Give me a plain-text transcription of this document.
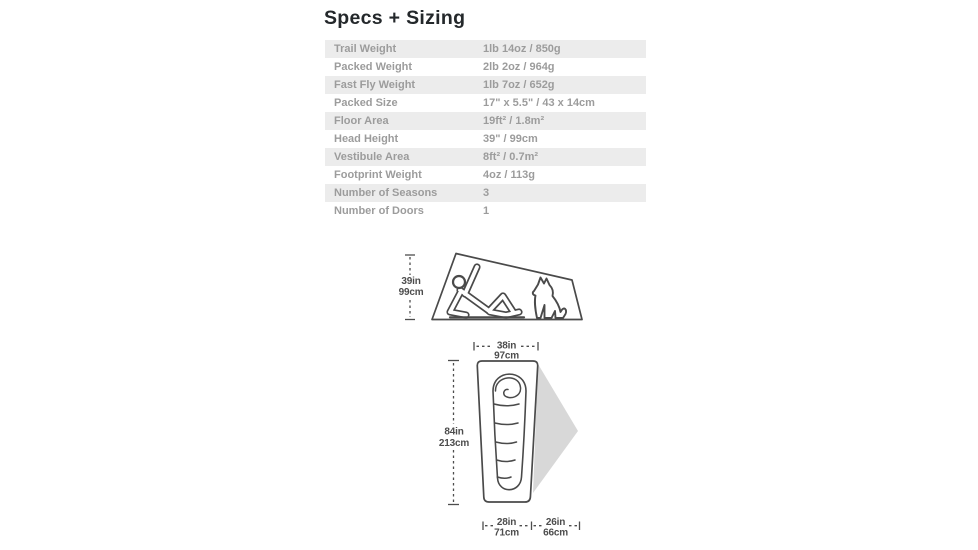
Specs + Sizing
Trail Weight	1lb 14oz / 850g
Packed Weight	2lb 2oz / 964g
Fast Fly Weight	1lb 7oz / 652g
Packed Size	17" x 5.5" / 43 x 14cm
Floor Area	19ft² / 1.8m²
Head Height	39" / 99cm
Vestibule Area	8ft² / 0.7m²
Footprint Weight	4oz / 113g
Number of Seasons	3
Number of Doors	1
39in
99cm
38in
97cm
84in
213cm
28in
71cm
26in
66cm
